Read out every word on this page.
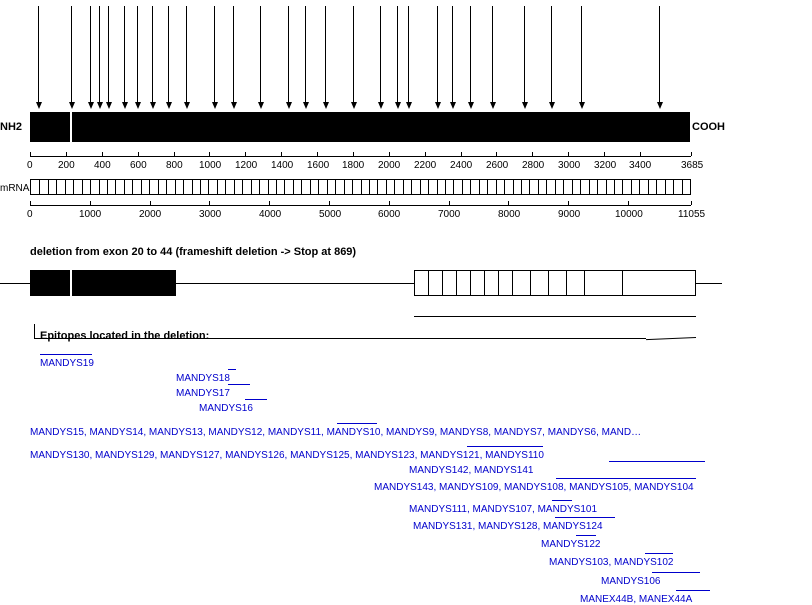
NH2	COOH
0	200 400 600 800 1000 1200 1400 1600 1800 2000 2200 2400 2600 2800 3000 3200 3400	3685
mRNA
0	1000	2000	3000	4000	5000	6000	7000	8000	9000	10000	11055
deletion from exon 20 to 44 (frameshift deletion -> Stop at 869)
Epitopes located in the deletion:
MANDYS19
MANDYS18
MANDYS17
MANDYS16
MANDYS15, MANDYS14, MANDYS13, MANDYS12, MANDYS11, MANDYS10, MANDYS9, MANDYS8, MANDYS7, MANDYS6, MAND…
MANDYS130, MANDYS129, MANDYS127, MANDYS126, MANDYS125, MANDYS123, MANDYS121, MANDYS110
MANDYS142, MANDYS141
MANDYS143, MANDYS109, MANDYS108, MANDYS105, MANDYS104
MANDYS111, MANDYS107, MANDYS101
MANDYS131, MANDYS128, MANDYS124
MANDYS122
MANDYS103, MANDYS102
MANDYS106
MANEX44B, MANEX44A
